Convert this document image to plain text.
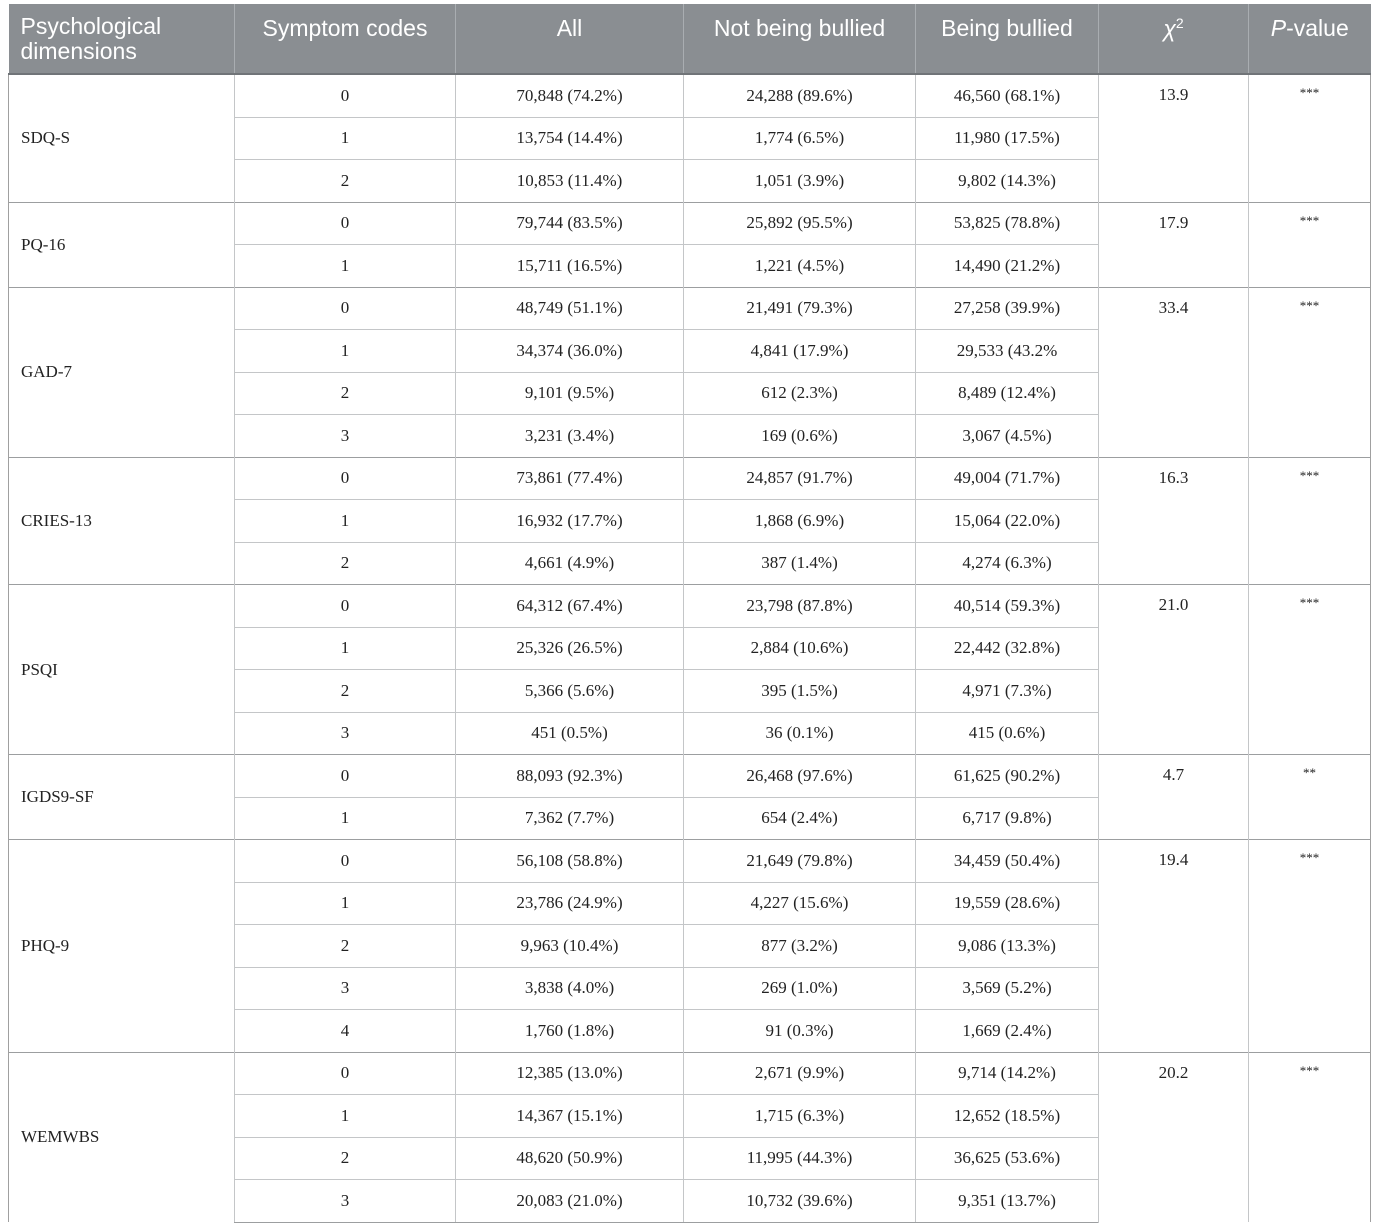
Psychological
dimensions	Symptom codes	All	Not being bullied	Being bullied	$\chi^2$	P-value

SDQ-S	0	70,848 (74.2%)	24,288 (89.6%)	46,560 (68.1%)	13.9	***
	1	13,754 (14.4%)	1,774 (6.5%)	11,980 (17.5%)		
	2	10,853 (11.4%)	1,051 (3.9%)	9,802 (14.3%)		
PQ-16	0	79,744 (83.5%)	25,892 (95.5%)	53,825 (78.8%)	17.9	***
	1	15,711 (16.5%)	1,221 (4.5%)	14,490 (21.2%)		
GAD-7	0	48,749 (51.1%)	21,491 (79.3%)	27,258 (39.9%)	33.4	***
	1	34,374 (36.0%)	4,841 (17.9%)	29,533 (43.2%		
	2	9,101 (9.5%)	612 (2.3%)	8,489 (12.4%)		
	3	3,231 (3.4%)	169 (0.6%)	3,067 (4.5%)		
CRIES-13	0	73,861 (77.4%)	24,857 (91.7%)	49,004 (71.7%)	16.3	***
	1	16,932 (17.7%)	1,868 (6.9%)	15,064 (22.0%)		
	2	4,661 (4.9%)	387 (1.4%)	4,274 (6.3%)		
PSQI	0	64,312 (67.4%)	23,798 (87.8%)	40,514 (59.3%)	21.0	***
	1	25,326 (26.5%)	2,884 (10.6%)	22,442 (32.8%)		
	2	5,366 (5.6%)	395 (1.5%)	4,971 (7.3%)		
	3	451 (0.5%)	36 (0.1%)	415 (0.6%)		
IGDS9-SF	0	88,093 (92.3%)	26,468 (97.6%)	61,625 (90.2%)	4.7	**
	1	7,362 (7.7%)	654 (2.4%)	6,717 (9.8%)		
PHQ-9	0	56,108 (58.8%)	21,649 (79.8%)	34,459 (50.4%)	19.4	***
	1	23,786 (24.9%)	4,227 (15.6%)	19,559 (28.6%)		
	2	9,963 (10.4%)	877 (3.2%)	9,086 (13.3%)		
	3	3,838 (4.0%)	269 (1.0%)	3,569 (5.2%)		
	4	1,760 (1.8%)	91 (0.3%)	1,669 (2.4%)		
WEMWBS	0	12,385 (13.0%)	2,671 (9.9%)	9,714 (14.2%)	20.2	***
	1	14,367 (15.1%)	1,715 (6.3%)	12,652 (18.5%)		
	2	48,620 (50.9%)	11,995 (44.3%)	36,625 (53.6%)		
	3	20,083 (21.0%)	10,732 (39.6%)	9,351 (13.7%)		
